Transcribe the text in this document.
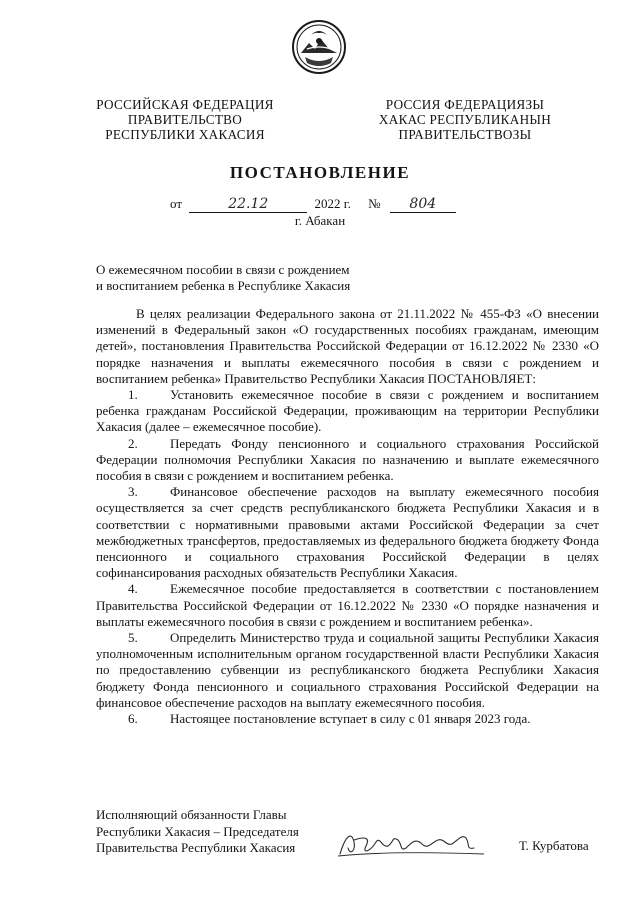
РОССИЙСКАЯ ФЕДЕРАЦИЯ
ПРАВИТЕЛЬСТВО
РЕСПУБЛИКИ ХАКАСИЯ
РОССИЯ ФЕДЕРАЦИЯЗЫ
ХАКАС РЕСПУБЛИКАНЫН
ПРАВИТЕЛЬСТВОЗЫ
ПОСТАНОВЛЕНИЕ
от	22.12	2022 г. № 804
г. Абакан
О ежемесячном пособии в связи с рождением
и воспитанием ребенка в Республике Хакасия

В целях реализации Федерального закона от 21.11.2022 № 455-ФЗ «О внесении изменений в Федеральный закон «О государственных пособиях гражданам, имеющим детей», постановления Правительства Российской Федерации от 16.12.2022 № 2330 «О порядке назначения и выплаты ежемесячного пособия в связи с рождением и воспитанием ребенка» Правительство Республики Хакасия ПОСТАНОВЛЯЕТ:

1. Установить ежемесячное пособие в связи с рождением и воспитанием ребенка гражданам Российской Федерации, проживающим на территории Республики Хакасия (далее – ежемесячное пособие).

2. Передать Фонду пенсионного и социального страхования Российской Федерации полномочия Республики Хакасия по назначению и выплате ежемесячного пособия в связи с рождением и воспитанием ребенка.

3. Финансовое обеспечение расходов на выплату ежемесячного пособия осуществляется за счет средств республиканского бюджета Республики Хакасия и в соответствии с нормативными правовыми актами Российской Федерации за счет межбюджетных трансфертов, предоставляемых из федерального бюджета бюджету Фонда пенсионного и социального страхования Российской Федерации в целях софинансирования расходных обязательств Республики Хакасия.

4. Ежемесячное пособие предоставляется в соответствии с постановлением Правительства Российской Федерации от 16.12.2022 № 2330 «О порядке назначения и выплаты ежемесячного пособия в связи с рождением и воспитанием ребенка».

5. Определить Министерство труда и социальной защиты Республики Хакасия уполномоченным исполнительным органом государственной власти Республики Хакасия по предоставлению субвенции из республиканского бюджета Республики Хакасия бюджету Фонда пенсионного и социального страхования Российской Федерации на финансовое обеспечение расходов на выплату ежемесячного пособия.

6. Настоящее постановление вступает в силу с 01 января 2023 года.

Исполняющий обязанности Главы
Республики Хакасия – Председателя
Правительства Республики Хакасия	Т. Курбатова
